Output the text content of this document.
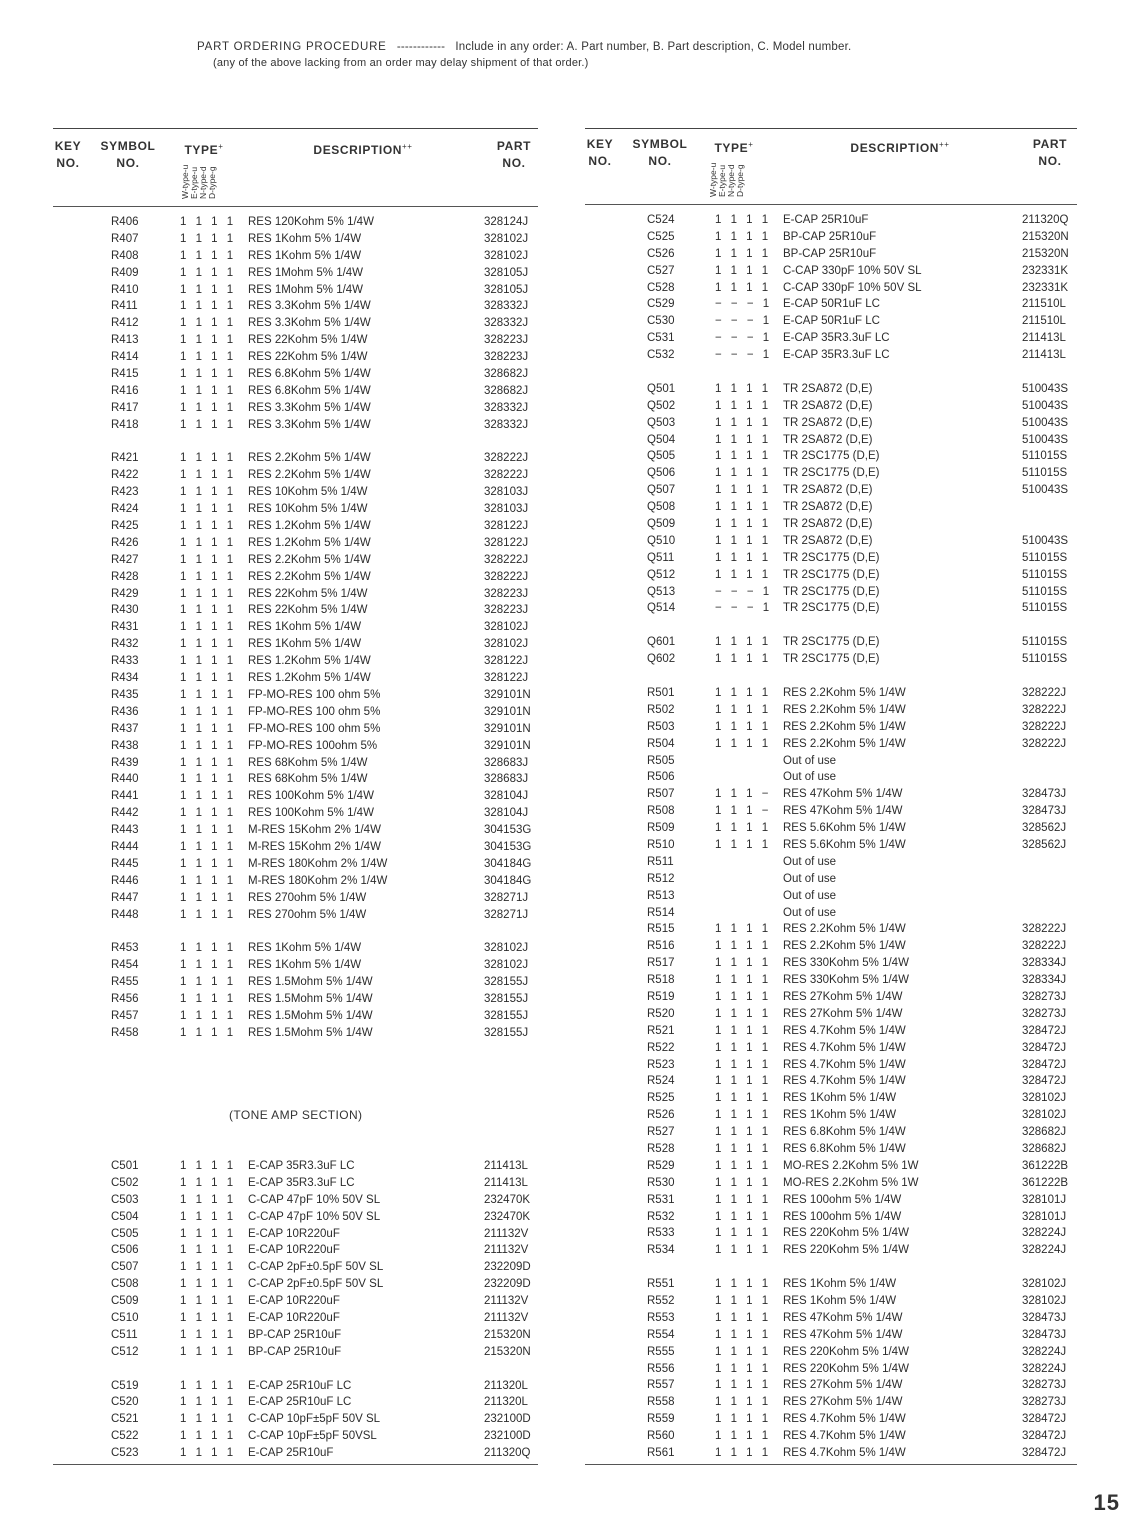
PART ORDERING PROCEDURE ------------ Include in any order: A. Part number, B. Part description, C. Model number.
(any of the above lacking from an order may delay shipment of that order.)
KEY NO.
SYMBOL NO.
TYPE+
W-type-u E-type-u N-type-d D-type-g
DESCRIPTION++	PART NO.
R406	1 1 1 1 RES 120Kohm 5% 1/4W	328124J
R407	1 1 1 1 RES 1Kohm 5% 1/4W	328102J
R408	1 1 1 1 RES 1Kohm 5% 1/4W	328102J
R409	1 1 1 1 RES 1Mohm 5% 1/4W	328105J
R410	1 1 1 1 RES 1Mohm 5% 1/4W	328105J
R411	1 1 1 1 RES 3.3Kohm 5% 1/4W	328332J
R412	1 1 1 1 RES 3.3Kohm 5% 1/4W	328332J
R413	1 1 1 1 RES 22Kohm 5% 1/4W	328223J
R414	1 1 1 1 RES 22Kohm 5% 1/4W	328223J
R415	1 1 1 1 RES 6.8Kohm 5% 1/4W	328682J
R416	1 1 1 1 RES 6.8Kohm 5% 1/4W	328682J
R417	1 1 1 1 RES 3.3Kohm 5% 1/4W	328332J
R418	1 1 1 1 RES 3.3Kohm 5% 1/4W	328332J
R421	1 1 1 1 RES 2.2Kohm 5% 1/4W	328222J
R422	1 1 1 1 RES 2.2Kohm 5% 1/4W	328222J
R423	1 1 1 1 RES 10Kohm 5% 1/4W	328103J
R424	1 1 1 1 RES 10Kohm 5% 1/4W	328103J
R425	1 1 1 1 RES 1.2Kohm 5% 1/4W	328122J
R426	1 1 1 1 RES 1.2Kohm 5% 1/4W	328122J
R427	1 1 1 1 RES 2.2Kohm 5% 1/4W	328222J
R428	1 1 1 1 RES 2.2Kohm 5% 1/4W	328222J
R429	1 1 1 1 RES 22Kohm 5% 1/4W	328223J
R430	1 1 1 1 RES 22Kohm 5% 1/4W	328223J
R431	1 1 1 1 RES 1Kohm 5% 1/4W	328102J
R432	1 1 1 1 RES 1Kohm 5% 1/4W	328102J
R433	1 1 1 1 RES 1.2Kohm 5% 1/4W	328122J
R434	1 1 1 1 RES 1.2Kohm 5% 1/4W	328122J
R435	1 1 1 1 FP-MO-RES 100 ohm 5%	329101N
R436	1 1 1 1 FP-MO-RES 100 ohm 5%	329101N
R437	1 1 1 1 FP-MO-RES 100 ohm 5%	329101N
R438	1 1 1 1 FP-MO-RES 100ohm 5%	329101N
R439	1 1 1 1 RES 68Kohm 5% 1/4W	328683J
R440	1 1 1 1 RES 68Kohm 5% 1/4W	328683J
R441	1 1 1 1 RES 100Kohm 5% 1/4W	328104J
R442	1 1 1 1 RES 100Kohm 5% 1/4W	328104J
R443	1 1 1 1 M-RES 15Kohm 2% 1/4W	304153G
R444	1 1 1 1 M-RES 15Kohm 2% 1/4W	304153G
R445	1 1 1 1 M-RES 180Kohm 2% 1/4W	304184G
R446	1 1 1 1 M-RES 180Kohm 2% 1/4W	304184G
R447	1 1 1 1 RES 270ohm 5% 1/4W	328271J
R448	1 1 1 1 RES 270ohm 5% 1/4W	328271J
R453	1 1 1 1 RES 1Kohm 5% 1/4W	328102J
R454	1 1 1 1 RES 1Kohm 5% 1/4W	328102J
R455	1 1 1 1 RES 1.5Mohm 5% 1/4W	328155J
R456	1 1 1 1 RES 1.5Mohm 5% 1/4W	328155J
R457	1 1 1 1 RES 1.5Mohm 5% 1/4W	328155J
R458	1 1 1 1 RES 1.5Mohm 5% 1/4W	328155J
(TONE AMP SECTION)
C501	1 1 1 1 E-CAP 35R3.3uF LC	211413L
C502	1 1 1 1 E-CAP 35R3.3uF LC	211413L
C503	1 1 1 1 C-CAP 47pF 10% 50V SL	232470K
C504	1 1 1 1 C-CAP 47pF 10% 50V SL	232470K
C505	1 1 1 1 E-CAP 10R220uF	211132V
C506	1 1 1 1 E-CAP 10R220uF	211132V
C507	1 1 1 1 C-CAP 2pF±0.5pF 50V SL	232209D
C508	1 1 1 1 C-CAP 2pF±0.5pF 50V SL	232209D
C509	1 1 1 1 E-CAP 10R220uF	211132V
C510	1 1 1 1 E-CAP 10R220uF	211132V
C511	1 1 1 1 BP-CAP 25R10uF	215320N
C512	1 1 1 1 BP-CAP 25R10uF	215320N
C519	1 1 1 1 E-CAP 25R10uF LC	211320L
C520	1 1 1 1 E-CAP 25R10uF LC	211320L
C521	1 1 1 1 C-CAP 10pF±5pF 50V SL	232100D
C522	1 1 1 1 C-CAP 10pF±5pF 50VSL	232100D
C523	1 1 1 1 E-CAP 25R10uF	211320Q
KEY NO.
SYMBOL NO.
TYPE+
W-type-u E-type-u N-type-d D-type-g
DESCRIPTION++	PART NO.
C524	1 1 1 1 E-CAP 25R10uF	211320Q
C525	1 1 1 1 BP-CAP 25R10uF	215320N
C526	1 1 1 1 BP-CAP 25R10uF	215320N
C527	1 1 1 1 C-CAP 330pF 10% 50V SL	232331K
C528	1 1 1 1 C-CAP 330pF 10% 50V SL	232331K
C529	− − − 1 E-CAP 50R1uF LC	211510L
C530	− − − 1 E-CAP 50R1uF LC	211510L
C531	− − − 1 E-CAP 35R3.3uF LC	211413L
C532	− − − 1 E-CAP 35R3.3uF LC	211413L
Q501	1 1 1 1 TR 2SA872 (D,E)	510043S
Q502	1 1 1 1 TR 2SA872 (D,E)	510043S
Q503	1 1 1 1 TR 2SA872 (D,E)	510043S
Q504	1 1 1 1 TR 2SA872 (D,E)	510043S
Q505	1 1 1 1 TR 2SC1775 (D,E)	511015S
Q506	1 1 1 1 TR 2SC1775 (D,E)	511015S
Q507	1 1 1 1 TR 2SA872 (D,E)	510043S
Q508	1 1 1 1 TR 2SA872 (D,E)
Q509	1 1 1 1 TR 2SA872 (D,E)
Q510	1 1 1 1 TR 2SA872 (D,E)	510043S
Q511	1 1 1 1 TR 2SC1775 (D,E)	511015S
Q512	1 1 1 1 TR 2SC1775 (D,E)	511015S
Q513	− − − 1 TR 2SC1775 (D,E)	511015S
Q514	− − − 1 TR 2SC1775 (D,E)	511015S
Q601	1 1 1 1 TR 2SC1775 (D,E)	511015S
Q602	1 1 1 1 TR 2SC1775 (D,E)	511015S
R501	1 1 1 1 RES 2.2Kohm 5% 1/4W	328222J
R502	1 1 1 1 RES 2.2Kohm 5% 1/4W	328222J
R503	1 1 1 1 RES 2.2Kohm 5% 1/4W	328222J
R504	1 1 1 1 RES 2.2Kohm 5% 1/4W	328222J
R505	Out of use
R506	Out of use
R507	1 1 1 − RES 47Kohm 5% 1/4W	328473J
R508	1 1 1 − RES 47Kohm 5% 1/4W	328473J
R509	1 1 1 1 RES 5.6Kohm 5% 1/4W	328562J
R510	1 1 1 1 RES 5.6Kohm 5% 1/4W	328562J
R511	Out of use
R512	Out of use
R513	Out of use
R514	Out of use
R515	1 1 1 1 RES 2.2Kohm 5% 1/4W	328222J
R516	1 1 1 1 RES 2.2Kohm 5% 1/4W	328222J
R517	1 1 1 1 RES 330Kohm 5% 1/4W	328334J
R518	1 1 1 1 RES 330Kohm 5% 1/4W	328334J
R519	1 1 1 1 RES 27Kohm 5% 1/4W	328273J
R520	1 1 1 1 RES 27Kohm 5% 1/4W	328273J
R521	1 1 1 1 RES 4.7Kohm 5% 1/4W	328472J
R522	1 1 1 1 RES 4.7Kohm 5% 1/4W	328472J
R523	1 1 1 1 RES 4.7Kohm 5% 1/4W	328472J
R524	1 1 1 1 RES 4.7Kohm 5% 1/4W	328472J
R525	1 1 1 1 RES 1Kohm 5% 1/4W	328102J
R526	1 1 1 1 RES 1Kohm 5% 1/4W	328102J
R527	1 1 1 1 RES 6.8Kohm 5% 1/4W	328682J
R528	1 1 1 1 RES 6.8Kohm 5% 1/4W	328682J
R529	1 1 1 1 MO-RES 2.2Kohm 5% 1W	361222B
R530	1 1 1 1 MO-RES 2.2Kohm 5% 1W	361222B
R531	1 1 1 1 RES 100ohm 5% 1/4W	328101J
R532	1 1 1 1 RES 100ohm 5% 1/4W	328101J
R533	1 1 1 1 RES 220Kohm 5% 1/4W	328224J
R534	1 1 1 1 RES 220Kohm 5% 1/4W	328224J
R551	1 1 1 1 RES 1Kohm 5% 1/4W	328102J
R552	1 1 1 1 RES 1Kohm 5% 1/4W	328102J
R553	1 1 1 1 RES 47Kohm 5% 1/4W	328473J
R554	1 1 1 1 RES 47Kohm 5% 1/4W	328473J
R555	1 1 1 1 RES 220Kohm 5% 1/4W	328224J
R556	1 1 1 1 RES 220Kohm 5% 1/4W	328224J
R557	1 1 1 1 RES 27Kohm 5% 1/4W	328273J
R558	1 1 1 1 RES 27Kohm 5% 1/4W	328273J
R559	1 1 1 1 RES 4.7Kohm 5% 1/4W	328472J
R560	1 1 1 1 RES 4.7Kohm 5% 1/4W	328472J
R561	1 1 1 1 RES 4.7Kohm 5% 1/4W	328472J
15
